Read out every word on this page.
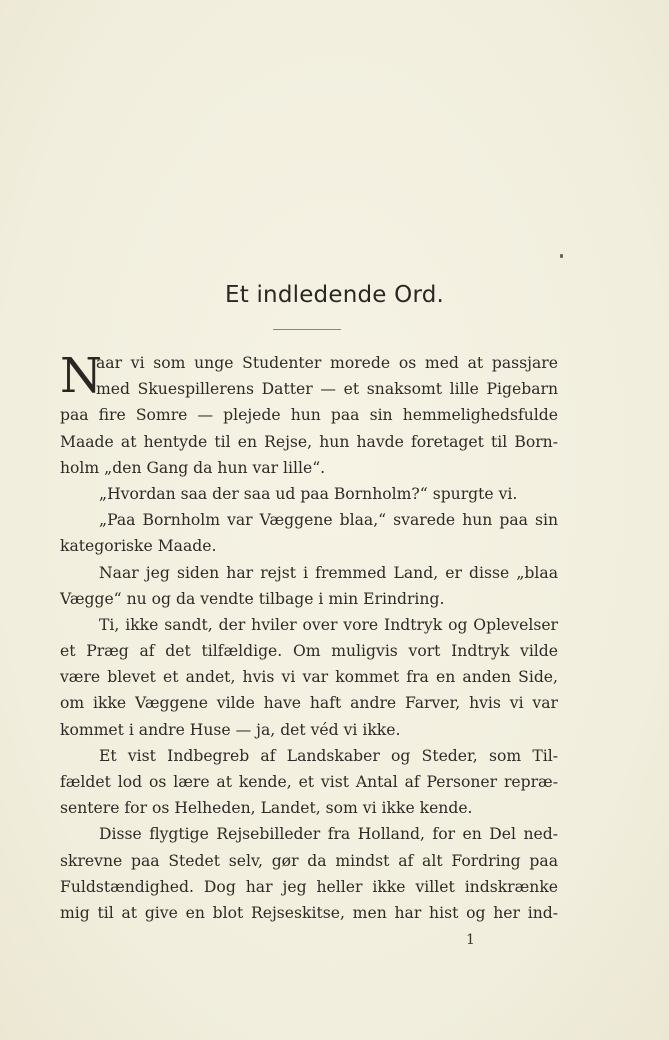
Et indledende Ord.
N
aar vi som unge Studenter morede os med at passjare
med Skuespillerens Datter — et snaksomt lille Pigebarn
paa fire Somre — plejede hun paa sin hemmelighedsfulde
Maade at hentyde til en Rejse, hun havde foretaget til Born-
holm „den Gang da hun var lille“.
„Hvordan saa der saa ud paa Bornholm?“ spurgte vi.
„Paa Bornholm var Væggene blaa,“ svarede hun paa sin
kategoriske Maade.
Naar jeg siden har rejst i fremmed Land, er disse „blaa
Vægge“ nu og da vendte tilbage i min Erindring.
Ti, ikke sandt, der hviler over vore Indtryk og Oplevelser
et Præg af det tilfældige. Om muligvis vort Indtryk vilde
være blevet et andet, hvis vi var kommet fra en anden Side,
om ikke Væggene vilde have haft andre Farver, hvis vi var
kommet i andre Huse — ja, det véd vi ikke.
Et vist Indbegreb af Landskaber og Steder, som Til-
fældet lod os lære at kende, et vist Antal af Personer repræ-
sentere for os Helheden, Landet, som vi ikke kende.
Disse flygtige Rejsebilleder fra Holland, for en Del ned-
skrevne paa Stedet selv, gør da mindst af alt Fordring paa
Fuldstændighed. Dog har jeg heller ikke villet indskrænke
mig til at give en blot Rejseskitse, men har hist og her ind-
1
